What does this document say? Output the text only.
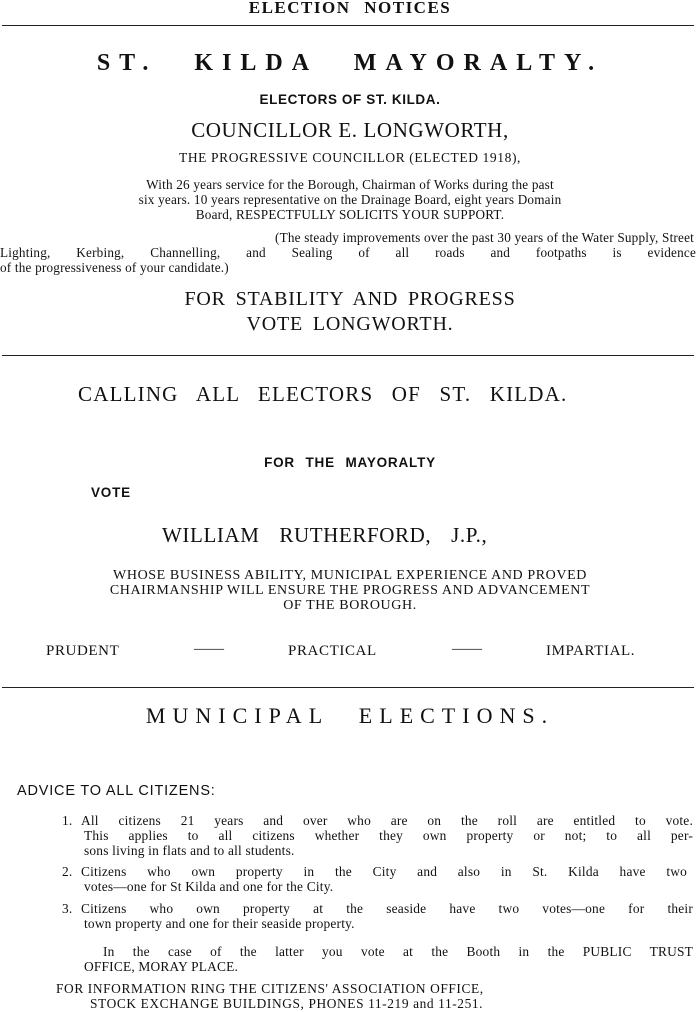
ELECTION NOTICES
ST. KILDA MAYORALTY.
ELECTORS OF ST. KILDA.
COUNCILLOR E. LONGWORTH,
THE PROGRESSIVE COUNCILLOR (ELECTED 1918),
With 26 years service for the Borough, Chairman of Works during the past
six years. 10 years representative on the Drainage Board, eight years Domain
Board, RESPECTFULLY SOLICITS YOUR SUPPORT.
(The steady improvements over the past 30 years of the Water Supply, Street
Lighting, Kerbing, Channelling, and Sealing of all roads and footpaths is evidence
of the progressiveness of your candidate.)
FOR STABILITY AND PROGRESS
VOTE LONGWORTH.
CALLING ALL ELECTORS OF ST. KILDA.
FOR THE MAYORALTY
VOTE
WILLIAM RUTHERFORD, J.P.,
WHOSE BUSINESS ABILITY, MUNICIPAL EXPERIENCE AND PROVED
CHAIRMANSHIP WILL ENSURE THE PROGRESS AND ADVANCEMENT
OF THE BOROUGH.
PRUDENT	——	PRACTICAL	——	IMPARTIAL.
MUNICIPAL ELECTIONS.
ADVICE TO ALL CITIZENS:
1. All citizens 21 years and over who are on the roll are entitled to vote.
This applies to all citizens whether they own property or not; to all per-
sons living in flats and to all students.
2. Citizens who own property in the City and also in St. Kilda have two
votes—one for St Kilda and one for the City.
3. Citizens who own property at the seaside have two votes—one for their
town property and one for their seaside property.
In the case of the latter you vote at the Booth in the PUBLIC TRUST
OFFICE, MORAY PLACE.
FOR INFORMATION RING THE CITIZENS' ASSOCIATION OFFICE,
STOCK EXCHANGE BUILDINGS, PHONES 11-219 and 11-251.
